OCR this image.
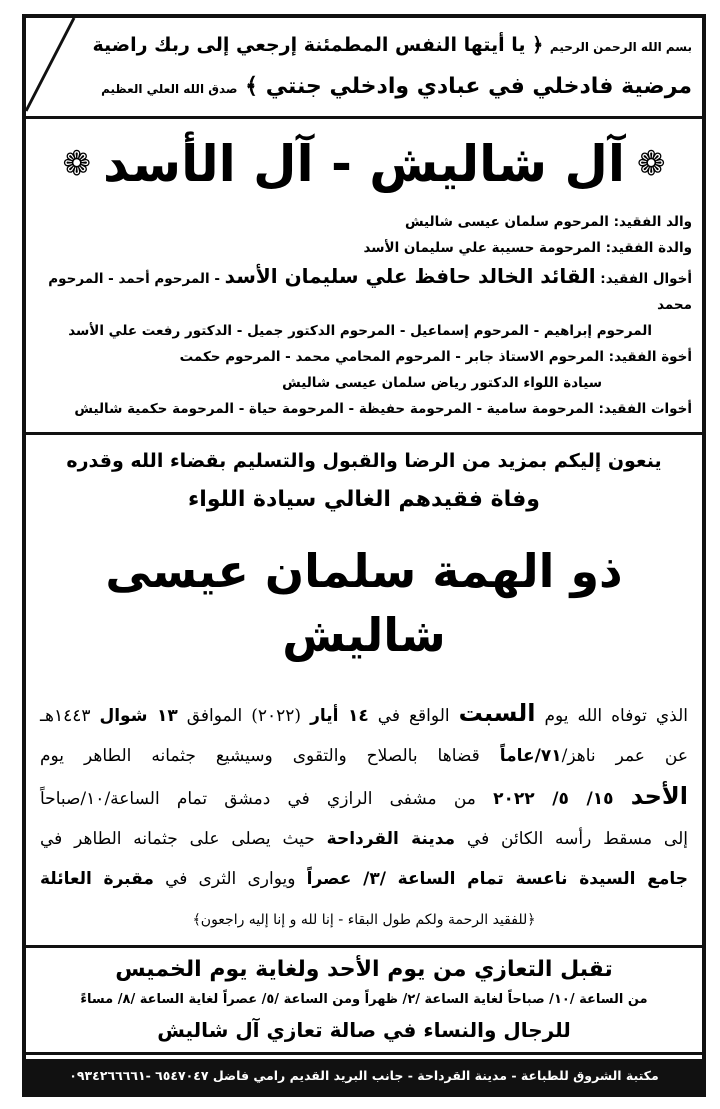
بسم الله الرحمن الرحيم ﴿ يا أيتها النفس المطمئنة إرجعي إلى ربك راضية
مرضية فادخلي في عبادي وادخلي جنتي ﴾ صدق الله العلي العظيم
❁
آل شاليش - آل الأسد
❁
والد الفقيد: المرحوم سلمان عيسى شاليش
والدة الفقيد: المرحومة حسيبة علي سليمان الأسد
أخوال الفقيد: القائد الخالد حافظ علي سليمان الأسد - المرحوم أحمد - المرحوم محمد
المرحوم إبراهيم - المرحوم إسماعيل - المرحوم الدكتور جميل - الدكتور رفعت علي الأسد
أخوة الفقيد: المرحوم الاستاذ جابر - المرحوم المحامي محمد - المرحوم حكمت
سيادة اللواء الدكتور رياض سلمان عيسى شاليش
أخوات الفقيد: المرحومة سامية - المرحومة حفيظة - المرحومة حياة - المرحومة حكمية شاليش
ينعون إليكم بمزيد من الرضا والقبول والتسليم بقضاء الله وقدره
وفاة فقيدهم الغالي سيادة اللواء
ذو الهمة سلمان عيسى شاليش
الذي توفاه الله يوم السبت الواقع في ١٤ أيار (٢٠٢٢) الموافق ١٣ شوال ١٤٤٣هـ
عن عمر ناهز/٧١/عاماً قضاها بالصلاح والتقوى وسيشيع جثمانه الطاهر يوم
الأحد ١٥/ ٥/ ٢٠٢٢ من مشفى الرازي في دمشق تمام الساعة/١٠/صباحاً
إلى مسقط رأسه الكائن في مدينة القرداحة حيث يصلى على جثمانه الطاهر في
جامع السيدة ناعسة تمام الساعة /٣/ عصراً ويوارى الثرى في مقبرة العائلة
﴿للفقيد الرحمة ولكم طول البقاء - إنا لله و إنا إليه راجعون﴾
تقبل التعازي من يوم الأحد ولغاية يوم الخميس
من الساعة /١٠/ صباحاً لغاية الساعة /٢/ ظهراً ومن الساعة /٥/ عصراً لغاية الساعة /٨/ مساءً
للرجال والنساء في صالة تعازي آل شاليش
مكتبة الشروق للطباعة - مدينة القرداحة - جانب البريد القديم رامي فاضل ٦٥٤٧٠٤٧ -٠٩٣٤٢٦٦٦٦١
